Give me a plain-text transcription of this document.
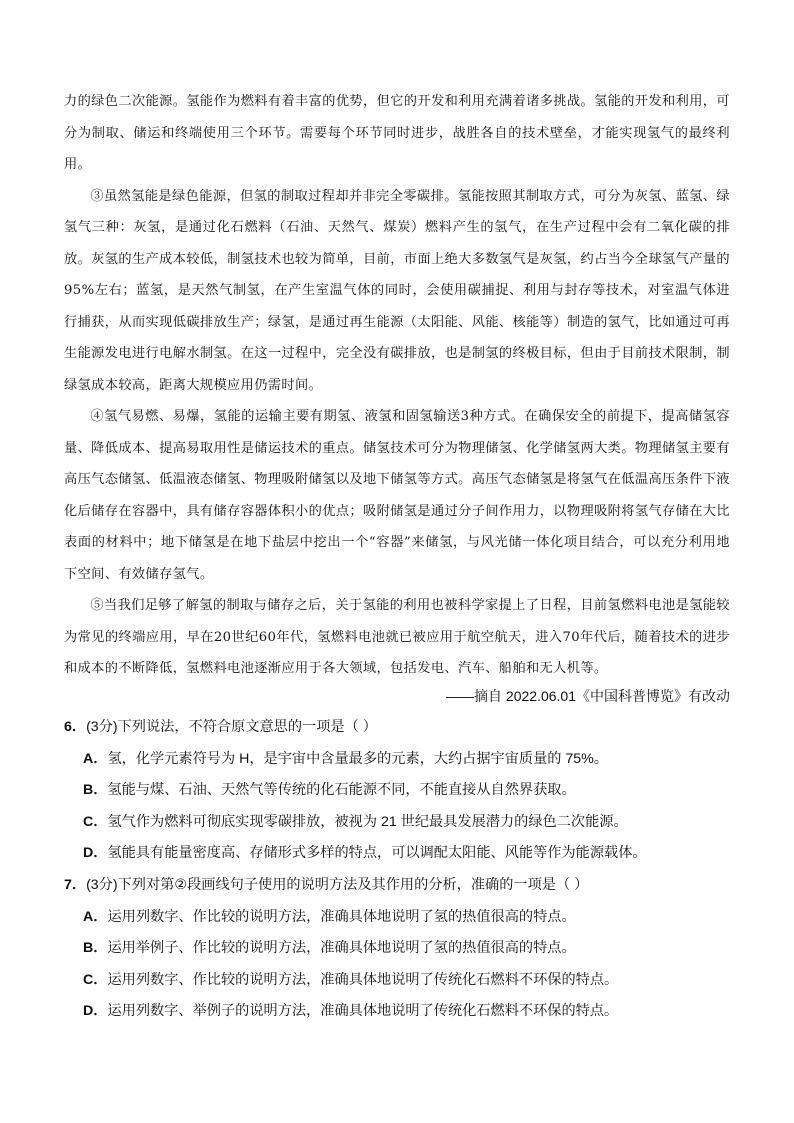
力的绿色二次能源。氢能作为燃料有着丰富的优势，但它的开发和利用充满着诸多挑战。氢能的开发和利用，可分为制取、储运和终端使用三个环节。需要每个环节同时进步，战胜各自的技术壁垒，才能实现氢气的最终利用。

③虽然氢能是绿色能源，但氢的制取过程却并非完全零碳排。氢能按照其制取方式，可分为灰氢、蓝氢、绿氢气三种：灰氢，是通过化石燃料（石油、天然气、煤炭）燃料产生的氢气，在生产过程中会有二氧化碳的排放。灰氢的生产成本较低，制氢技术也较为简单，目前，市面上绝大多数氢气是灰氢，约占当今全球氢气产量的95%左右；蓝氢，是天然气制氢，在产生室温气体的同时，会使用碳捕捉、利用与封存等技术，对室温气体进行捕获，从而实现低碳排放生产；绿氢，是通过再生能源（太阳能、风能、核能等）制造的氢气，比如通过可再生能源发电进行电解水制氢。在这一过程中，完全没有碳排放，也是制氢的终极目标，但由于目前技术限制，制绿氢成本较高，距离大规模应用仍需时间。

④氢气易燃、易爆，氢能的运输主要有期氢、液氢和固氢输送3种方式。在确保安全的前提下，提高储氢容量、降低成本、提高易取用性是储运技术的重点。储氢技术可分为物理储氢、化学储氢两大类。物理储氢主要有高压气态储氢、低温液态储氢、物理吸附储氢以及地下储氢等方式。高压气态储氢是将氢气在低温高压条件下液化后储存在容器中，具有储存容器体积小的优点；吸附储氢是通过分子间作用力，以物理吸附将氢气存储在大比表面的材料中；地下储氢是在地下盐层中挖出一个“容器”来储氢，与风光储一体化项目结合，可以充分利用地下空间、有效储存氢气。

⑤当我们足够了解氢的制取与储存之后，关于氢能的利用也被科学家提上了日程，目前氢燃料电池是氢能较为常见的终端应用，早在20世纪60年代，氢燃料电池就已被应用于航空航天，进入70年代后，随着技术的进步和成本的不断降低，氢燃料电池逐渐应用于各大领域，包括发电、汽车、船舶和无人机等。

——摘自 2022.06.01《中国科普博览》有改动

6．(3分)下列说法，不符合原文意思的一项是（ ）

A．氢，化学元素符号为 H，是宇宙中含量最多的元素，大约占据宇宙质量的 75%。

B．氢能与煤、石油、天然气等传统的化石能源不同，不能直接从自然界获取。

C．氢气作为燃料可彻底实现零碳排放，被视为 21 世纪最具发展潜力的绿色二次能源。

D．氢能具有能量密度高、存储形式多样的特点，可以调配太阳能、风能等作为能源载体。

7．(3分)下列对第②段画线句子使用的说明方法及其作用的分析，准确的一项是（ ）

A．运用列数字、作比较的说明方法，准确具体地说明了氢的热值很高的特点。

B．运用举例子、作比较的说明方法，准确具体地说明了氢的热值很高的特点。

C．运用列数字、作比较的说明方法，准确具体地说明了传统化石燃料不环保的特点。

D．运用列数字、举例子的说明方法，准确具体地说明了传统化石燃料不环保的特点。
